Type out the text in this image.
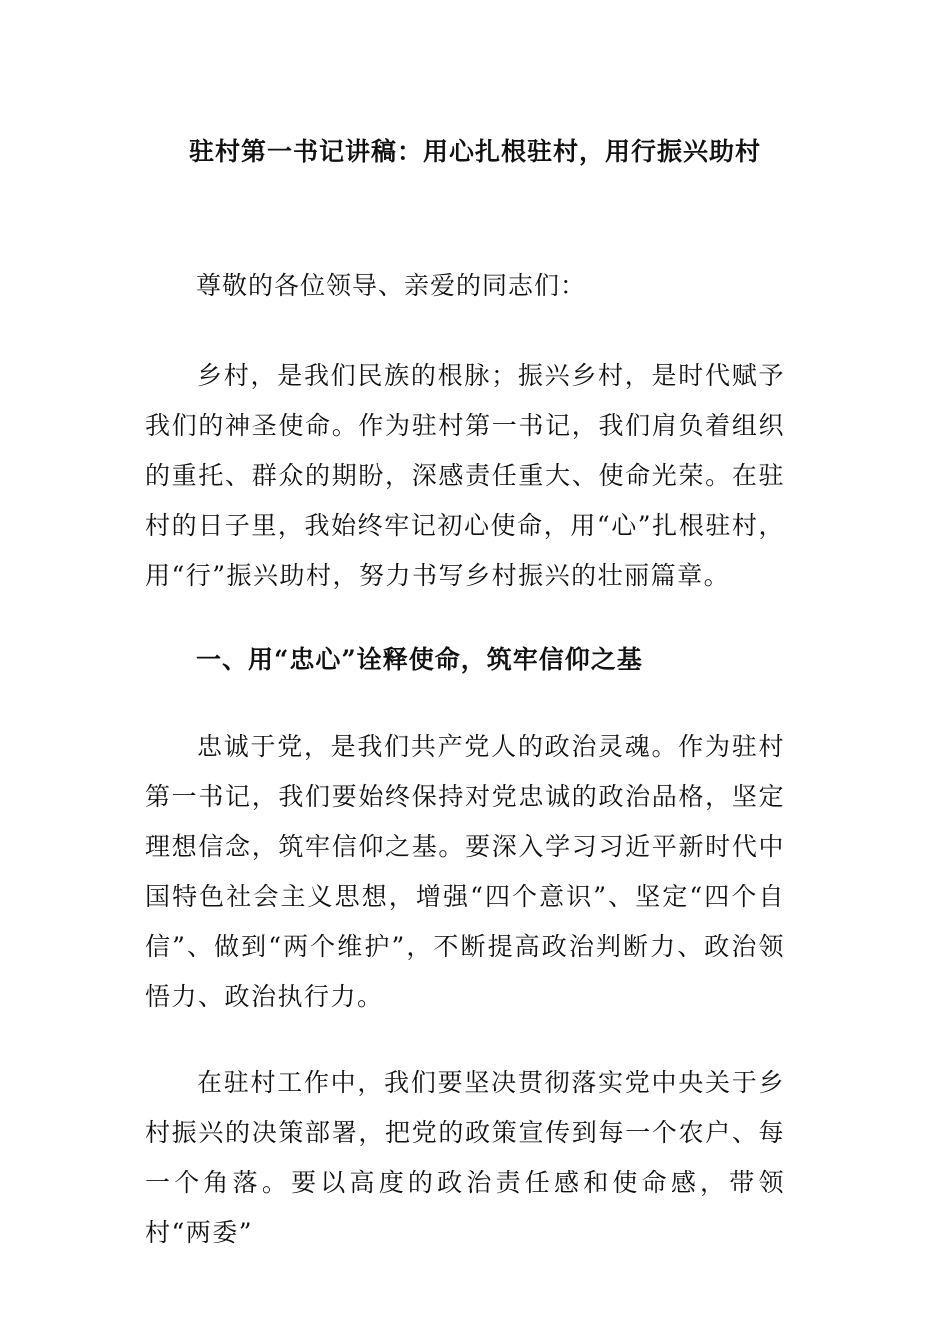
驻村第一书记讲稿：用心扎根驻村，用行振兴助村
尊敬的各位领导、亲爱的同志们：

乡村，是我们民族的根脉；振兴乡村，是时代赋予我们的神圣使命。作为驻村第一书记，我们肩负着组织的重托、群众的期盼，深感责任重大、使命光荣。在驻村的日子里，我始终牢记初心使命，用“心”扎根驻村，用“行”振兴助村，努力书写乡村振兴的壮丽篇章。

一、用“忠心”诠释使命，筑牢信仰之基

忠诚于党，是我们共产党人的政治灵魂。作为驻村第一书记，我们要始终保持对党忠诚的政治品格，坚定理想信念，筑牢信仰之基。要深入学习习近平新时代中国特色社会主义思想，增强“四个意识”、坚定“四个自信”、做到“两个维护”，不断提高政治判断力、政治领悟力、政治执行力。

在驻村工作中，我们要坚决贯彻落实党中央关于乡村振兴的决策部署，把党的政策宣传到每一个农户、每一个角落。要以高度的政治责任感和使命感，带领村“两委”
